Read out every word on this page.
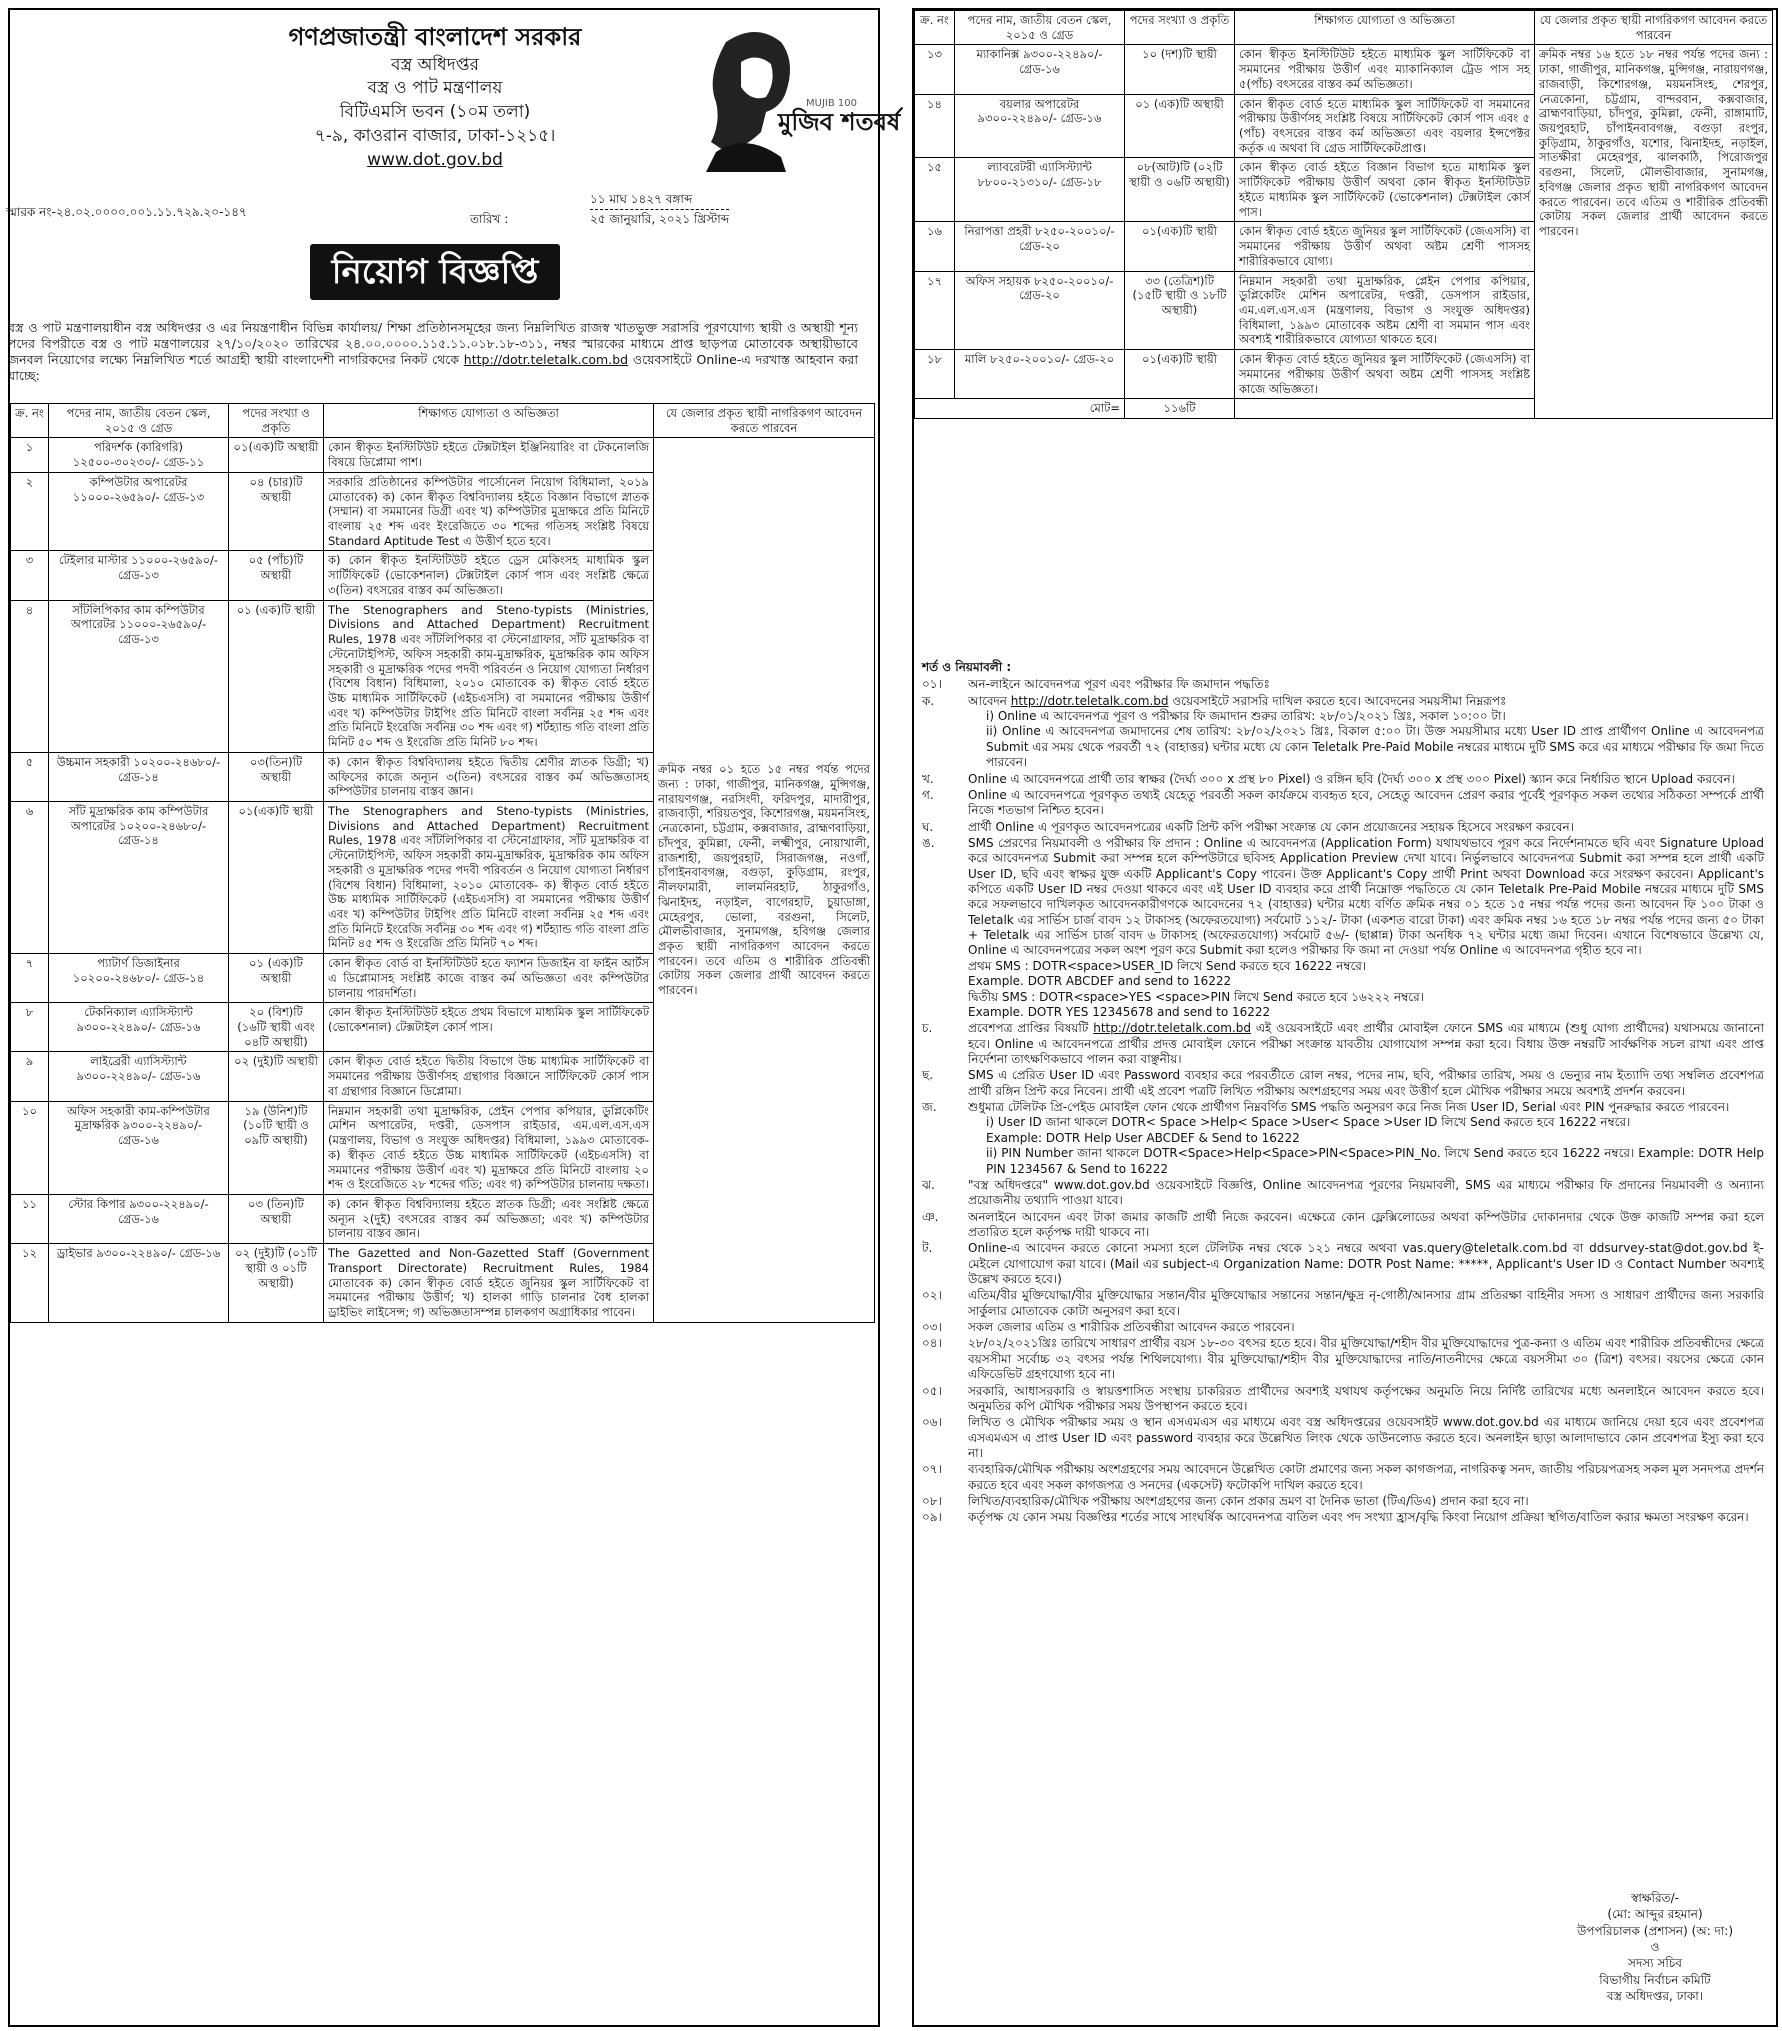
গণপ্রজাতন্ত্রী বাংলাদেশ সরকার
বস্ত্র অধিদপ্তর
বস্ত্র ও পাট মন্ত্রণালয়
বিটিএমসি ভবন (১০ম তলা)
৭-৯, কাওরান বাজার, ঢাকা-১২১৫।
www.dot.gov.bd
মুজিব শতবর্ষ
MUJIB 100
১১ মাঘ ১৪২৭ বঙ্গাব্দ
২৫ জানুয়ারি, ২০২১ খ্রিস্টাব্দ
স্মারক নং-২৪.০২.০০০০.০০১.১১.৭২৯.২০-১৪৭	তারিখ :
নিয়োগ বিজ্ঞপ্তি
বস্ত্র ও পাট মন্ত্রণালয়াধীন বস্ত্র অধিদপ্তর ও এর নিয়ন্ত্রণাধীন বিভিন্ন কার্যালয়/ শিক্ষা প্রতিষ্ঠানসমূহের জন্য নিম্নলিখিত রাজস্ব খাতভুক্ত সরাসরি পূরণযোগ্য স্থায়ী ও অস্থায়ী শূন্য পদের বিপরীতে বস্ত্র ও পাট মন্ত্রণালয়ের ২৭/১০/২০২০ তারিখের ২৪.০০.০০০০.১১৫.১১.০১৮.১৮-৩১১, নম্বর স্মারকের মাধ্যমে প্রাপ্ত ছাড়পত্র মোতাবেক অস্থায়ীভাবে জনবল নিয়োগের লক্ষ্যে নিম্নলিখিত শর্তে আগ্রহী স্থায়ী বাংলাদেশী নাগরিকদের নিকট থেকে http://dotr.teletalk.com.bd ওয়েবসাইটে Online-এ দরখাস্ত আহবান করা যাচ্ছে:
ক্র. নং	পদের নাম, জাতীয় বেতন স্কেল, ২০১৫ ও গ্রেড	পদের সংখ্যা ও প্রকৃতি	শিক্ষাগত যোগ্যতা ও অভিজ্ঞতা	যে জেলার প্রকৃত স্থায়ী নাগরিকগণ আবেদন করতে পারবেন
১	পরিদর্শক (কারিগরি) ১২৫০০-৩০২৩০/- গ্রেড-১১	০১(এক)টি অস্থায়ী	কোন স্বীকৃত ইনস্টিটিউট হইতে টেক্সটাইল ইঞ্জিনিয়ারিং বা টেকনোলজি বিষয়ে ডিপ্লোমা পাশ।	ক্রমিক নম্বর ০১ হতে ১৫ নম্বর পর্যন্ত পদের জন্য : ঢাকা, গাজীপুর, মানিকগঞ্জ, মুন্সিগঞ্জ, নারায়ণগঞ্জ, নরসিংদী, ফরিদপুর, মাদারীপুর, রাজবাড়ী, শরিয়তপুর, কিশোরগঞ্জ, ময়মনসিংহ, নেত্রকোনা, চট্টগ্রাম, কক্সবাজার, ব্রাহ্মণবাড়িয়া, চাঁদপুর, কুমিল্লা, ফেনী, লক্ষ্মীপুর, নোয়াখালী, রাজশাহী, জয়পুরহাট, সিরাজগঞ্জ, নওগাঁ, চাঁপাইনবাবগঞ্জ, বগুড়া, কুড়িগ্রাম, রংপুর, নীলফামারী, লালমনিরহাট, ঠাকুরগাঁও, ঝিনাইদহ, নড়াইল, বাগেরহাট, চুয়াডাঙ্গা, মেহেরপুর, ভোলা, বরগুনা, সিলেট, মৌলভীবাজার, সুনামগঞ্জ, হবিগঞ্জ জেলার প্রকৃত স্থায়ী নাগরিকগণ আবেদন করতে পারবেন। তবে এতিম ও শারীরিক প্রতিবন্ধী কোটায় সকল জেলার প্রার্থী আবেদন করতে পারবেন।
২	কম্পিউটার অপারেটর ১১০০০-২৬৫৯০/- গ্রেড-১৩	০৪ (চার)টি অস্থায়ী	সরকারি প্রতিষ্ঠানের কম্পিউটার পার্সোনেল নিয়োগ বিধিমালা, ২০১৯ মোতাবেক) ক) কোন স্বীকৃত বিশ্ববিদ্যালয় হইতে বিজ্ঞান বিভাগে স্নাতক (সম্মান) বা সমমানের ডিগ্রী এবং খ) কম্পিউটার মুদ্রাক্ষরে প্রতি মিনিটে বাংলায় ২৫ শব্দ এবং ইংরেজিতে ৩০ শব্দের গতিসহ সংশ্লিষ্ট বিষয়ে Standard Aptitude Test এ উত্তীর্ণ হতে হবে।	
৩	টেইলার মাস্টার ১১০০০-২৬৫৯০/- গ্রেড-১৩	০৫ (পাঁচ)টি অস্থায়ী	ক) কোন স্বীকৃত ইনস্টিটিউট হইতে ড্রেস মেকিংসহ মাধ্যমিক স্কুল সার্টিফিকেট (ভোকেশনাল) টেক্সটাইল কোর্স পাস এবং সংশ্লিষ্ট ক্ষেত্রে ৩(তিন) বৎসরের বাস্তব কর্ম অভিজ্ঞতা।	
৪	সাঁটলিপিকার কাম কম্পিউটার অপারেটর ১১০০০-২৬৫৯০/- গ্রেড-১৩	০১ (এক)টি স্থায়ী	The Stenographers and Steno-typists (Ministries, Divisions and Attached Department) Recruitment Rules, 1978 এবং সাঁটলিপিকার বা স্টেনোগ্রাফার, সাঁট মুদ্রাক্ষরিক বা স্টেনোটাইপিস্ট, অফিস সহকারী কাম-মুদ্রাক্ষরিক, মুদ্রাক্ষরিক কাম অফিস সহকারী ও মুদ্রাক্ষরিক পদের পদবী পরিবর্তন ও নিয়োগ যোগ্যতা নির্ধারণ (বিশেষ বিধান) বিধিমালা, ২০১০ মোতাবেক ক) স্বীকৃত বোর্ড হইতে উচ্চ মাধ্যমিক সার্টিফিকেট (এইচএসসি) বা সমমানের পরীক্ষায় উত্তীর্ণ এবং খ) কম্পিউটার টাইপিং প্রতি মিনিটে বাংলা সর্বনিম্ন ২৫ শব্দ এবং প্রতি মিনিটে ইংরেজি সর্বনিম্ন ৩০ শব্দ এবং গ) শর্টহ্যান্ড গতি বাংলা প্রতি মিনিট ৫০ শব্দ ও ইংরেজি প্রতি মিনিট ৮০ শব্দ।	
৫	উচ্চমান সহকারী ১০২০০-২৪৬৮০/- গ্রেড-১৪	০৩(তিন)টি অস্থায়ী	ক) কোন স্বীকৃত বিশ্ববিদ্যালয় হইতে দ্বিতীয় শ্রেণীর স্নাতক ডিগ্রী; খ) অফিসের কাজে অন্যূন ৩(তিন) বৎসরের বাস্তব কর্ম অভিজ্ঞতাসহ কম্পিউটার চালনায় বাস্তব জ্ঞান।	
৬	সাঁট মুদ্রাক্ষরিক কাম কম্পিউটার অপারেটর ১০২০০-২৪৬৮০/- গ্রেড-১৪	০১(এক)টি স্থায়ী	The Stenographers and Steno-typists (Ministries, Divisions and Attached Department) Recruitment Rules, 1978 এবং সাঁটলিপিকার বা স্টেনোগ্রাফার, সাঁট মুদ্রাক্ষরিক বা স্টেনোটাইপিস্ট, অফিস সহকারী কাম-মুদ্রাক্ষরিক, মুদ্রাক্ষরিক কাম অফিস সহকারী ও মুদ্রাক্ষরিক পদের পদবী পরিবর্তন ও নিয়োগ যোগ্যতা নির্ধারণ (বিশেষ বিধান) বিধিমালা, ২০১০ মোতাবেক- ক) স্বীকৃত বোর্ড হইতে উচ্চ মাধ্যমিক সার্টিফিকেট (এইচএসসি) বা সমমানের পরীক্ষায় উত্তীর্ণ এবং খ) কম্পিউটার টাইপিং প্রতি মিনিটে বাংলা সর্বনিম্ন ২৫ শব্দ এবং প্রতি মিনিটে ইংরেজি সর্বনিম্ন ৩০ শব্দ এবং গ) শর্টহ্যান্ড গতি বাংলা প্রতি মিনিট ৪৫ শব্দ ও ইংরেজি প্রতি মিনিট ৭০ শব্দ।	
৭	প্যাটার্ণ ডিজাইনার ১০২০০-২৪৬৮০/- গ্রেড-১৪	০১ (এক)টি অস্থায়ী	কোন স্বীকৃত বোর্ড বা ইনস্টিটিউট হতে ফ্যাশন ডিজাইন বা ফাইন আর্টস এ ডিপ্লোমাসহ সংশ্লিষ্ট কাজে বাস্তব কর্ম অভিজ্ঞতা এবং কম্পিউটার চালনায় পারদর্শিতা।	
৮	টেকনিক্যাল এ্যাসিস্ট্যান্ট ৯৩০০-২২৪৯০/- গ্রেড-১৬	২০ (বিশ)টি (১৬টি স্থায়ী এবং ০৪টি অস্থায়ী)	কোন স্বীকৃত ইনস্টিটিউট হইতে প্রথম বিভাগে মাধ্যমিক স্কুল সার্টিফিকেট (ভোকেশনাল) টেক্সটাইল কোর্স পাস।	
৯	লাইব্রেরী এ্যাসিস্ট্যান্ট ৯৩০০-২২৪৯০/- গ্রেড-১৬	০২ (দুই)টি অস্থায়ী	কোন স্বীকৃত বোর্ড হইতে দ্বিতীয় বিভাগে উচ্চ মাধ্যমিক সার্টিফিকেট বা সমমানের পরীক্ষায় উত্তীর্ণসহ গ্রন্থাগার বিজ্ঞানে সার্টিফিকেট কোর্স পাস বা গ্রন্থাগার বিজ্ঞানে ডিপ্লোমা।	
১০	অফিস সহকারী কাম-কম্পিউটার মুদ্রাক্ষরিক ৯৩০০-২২৪৯০/- গ্রেড-১৬	১৯ (উনিশ)টি (১০টি স্থায়ী ও ০৯টি অস্থায়ী)	নিম্নমান সহকারী তথা মুদ্রাক্ষরিক, প্রেইন পেপার কপিয়ার, ডুপ্লিকেটিং মেশিন অপারেটর, দপ্তরী, ডেসপাস রাইডার, এম.এল.এস.এস (মন্ত্রণালয়, বিভাগ ও সংযুক্ত অধিদপ্তর) বিধিমালা, ১৯৯৩ মোতাবেক- ক) স্বীকৃত বোর্ড হইতে উচ্চ মাধ্যমিক সার্টিফিকেট (এইচএসসি) বা সমমানের পরীক্ষায় উত্তীর্ণ এবং খ) মুদ্রাক্ষরে প্রতি মিনিটে বাংলায় ২০ শব্দ ও ইংরেজিতে ২৮ শব্দের গতি; এবং গ) কম্পিউটার চালনায় দক্ষতা।	
১১	স্টোর কিপার ৯৩০০-২২৪৯০/- গ্রেড-১৬	০৩ (তিন)টি অস্থায়ী	ক) কোন স্বীকৃত বিশ্ববিদ্যালয় হইতে স্নাতক ডিগ্রী; এবং সংশ্লিষ্ট ক্ষেত্রে অন্যূন ২(দুই) বৎসরের বাস্তব কর্ম অভিজ্ঞতা; এবং খ) কম্পিউটার চালনায় বাস্তব জ্ঞান।	
১২	ড্রাইভার ৯৩০০-২২৪৯০/- গ্রেড-১৬	০২ (দুই)টি (০১টি স্থায়ী ও ০১টি অস্থায়ী)	The Gazetted and Non-Gazetted Staff (Government Transport Directorate) Recruitment Rules, 1984 মোতাবেক ক) কোন স্বীকৃত বোর্ড হইতে জুনিয়র স্কুল সার্টিফিকেট বা সমমানের পরীক্ষায় উত্তীর্ণ; খ) হালকা গাড়ি চালনার বৈধ হালকা ড্রাইভিং লাইসেন্স; গ) অভিজ্ঞতাসম্পন্ন চালকগণ অগ্রাধিকার পাবেন।	
ক্র. নং	পদের নাম, জাতীয় বেতন স্কেল, ২০১৫ ও গ্রেড	পদের সংখ্যা ও প্রকৃতি	শিক্ষাগত যোগ্যতা ও অভিজ্ঞতা	যে জেলার প্রকৃত স্থায়ী নাগরিকগণ আবেদন করতে পারবেন
১৩	ম্যাকানিক্স ৯৩০০-২২৪৯০/- গ্রেড-১৬	১০ (দশ)টি স্থায়ী	কোন স্বীকৃত ইনস্টিটিউট হইতে মাধ্যমিক স্কুল সার্টিফিকেট বা সমমানের পরীক্ষায় উত্তীর্ণ এবং ম্যাকানিক্যাল ট্রেড পাস সহ ৫(পাঁচ) বৎসরের বাস্তব কর্ম অভিজ্ঞতা।	ক্রমিক নম্বর ১৬ হতে ১৮ নম্বর পর্যন্ত পদের জন্য : ঢাকা, গাজীপুর, মানিকগঞ্জ, মুন্সিগঞ্জ, নারায়ণগঞ্জ, রাজবাড়ী, কিশোরগঞ্জ, ময়মনসিংহ, শেরপুর, নেত্রকোনা, চট্টগ্রাম, বান্দরবান, কক্সবাজার, ব্রাহ্মণবাড়িয়া, চাঁদপুর, কুমিল্লা, ফেনী, রাঙ্গামাটি, জয়পুরহাট, চাঁপাইনবাবগঞ্জ, বগুড়া রংপুর, কুড়িগ্রাম, ঠাকুরগাঁও, যশোর, ঝিনাইদহ, নড়াইল, সাতক্ষীরা মেহেরপুর, ঝালকাঠি, পিরোজপুর বরগুনা, সিলেট, মৌলভীবাজার, সুনামগঞ্জ, হবিগঞ্জ জেলার প্রকৃত স্থায়ী নাগরিকগণ আবেদন করতে পারবেন। তবে এতিম ও শারীরিক প্রতিবন্ধী কোটায় সকল জেলার প্রার্থী আবেদন করতে পারবেন।
১৪	বয়লার অপারেটর ৯৩০০-২২৪৯০/- গ্রেড-১৬	০১ (এক)টি অস্থায়ী	কোন স্বীকৃত বোর্ড হতে মাধ্যমিক স্কুল সার্টিফিকেট বা সমমানের পরীক্ষায় উত্তীর্ণসহ সংশ্লিষ্ট বিষয়ে সার্টিফিকেট কোর্স পাস এবং ৫ (পাঁচ) বৎসরের বাস্তব কর্ম অভিজ্ঞতা এবং বয়লার ইন্সপেক্টর কর্তৃক এ অথবা বি গ্রেড সার্টিফিকেটপ্রাপ্ত।	
১৫	ল্যাবরেটরী এ্যাসিস্ট্যান্ট ৮৮০০-২১৩১০/- গ্রেড-১৮	০৮(আট)টি (০২টি স্থায়ী ও ০৬টি অস্থায়ী)	কোন স্বীকৃত বোর্ড হইতে বিজ্ঞান বিভাগ হতে মাধ্যমিক স্কুল সার্টিফিকেট পরীক্ষায় উত্তীর্ণ অথবা কোন স্বীকৃত ইনস্টিটিউট হইতে মাধ্যমিক স্কুল সার্টিফিকেট (ভোকেশনাল) টেক্সটাইল কোর্স পাস।	
১৬	নিরাপত্তা প্রহরী ৮২৫০-২০০১০/- গ্রেড-২০	০১(এক)টি স্থায়ী	কোন স্বীকৃত বোর্ড হইতে জুনিয়র স্কুল সার্টিফিকেট (জেএসসি) বা সমমানের পরীক্ষায় উত্তীর্ণ অথবা অষ্টম শ্রেণী পাসসহ শারীরিকভাবে যোগ্য।	
১৭	অফিস সহায়ক ৮২৫০-২০০১০/- গ্রেড-২০	৩৩ (তেত্রিশ)টি (১৫টি স্থায়ী ও ১৮টি অস্থায়ী)	নিম্নমান সহকারী তথা মুদ্রাক্ষরিক, প্লেইন পেপার কপিয়ার, ডুপ্লিকেটিং মেশিন অপারেটর, দপ্তরী, ডেসপাস রাইডার, এম.এল.এস.এস (মন্ত্রণালয়, বিভাগ ও সংযুক্ত অধিদপ্তর) বিধিমালা, ১৯৯৩ মোতাবেক অষ্টম শ্রেণী বা সমমান পাস এবং অবশ্যই শারীরিকভাবে যোগ্যতা থাকতে হবে।	
১৮	মালি ৮২৫০-২০০১০/- গ্রেড-২০	০১(এক)টি স্থায়ী	কোন স্বীকৃত বোর্ড হইতে জুনিয়র স্কুল সার্টিফিকেট (জেএসসি) বা সমমানের পরীক্ষায় উত্তীর্ণ অথবা অষ্টম শ্রেণী পাসসহ সংশ্লিষ্ট কাজে অভিজ্ঞতা।	
মোট=		১১৬টি		
শর্ত ও নিয়মাবলী :
০১।	অন-লাইনে আবেদনপত্র পূরণ এবং পরীক্ষার ফি জমাদান পদ্ধতিঃ
ক.	আবেদন http://dotr.teletalk.com.bd ওয়েবসাইটে সরাসরি দাখিল করতে হবে। আবেদনের সময়সীমা নিম্নরূপঃ
i) Online এ আবেদনপত্র পূরণ ও পরীক্ষার ফি জমাদান শুরুর তারিখ: ২৮/০১/২০২১ খ্রিঃ, সকাল ১০:০০ টা।
ii) Online এ আবেদনপত্র জমাদানের শেষ তারিখ: ২৮/০২/২০২১ খ্রিঃ, বিকাল ৫:০০ টা। উক্ত সময়সীমার মধ্যে User ID প্রাপ্ত প্রার্থীগণ Online এ আবেদনপত্র Submit এর সময় থেকে পরবর্তী ৭২ (বাহাত্তর) ঘন্টার মধ্যে যে কোন Teletalk Pre-Paid Mobile নম্বরের মাধ্যমে দুটি SMS করে এর মাধ্যমে পরীক্ষার ফি জমা দিতে পারবেন।
খ.	Online এ আবেদনপত্রে প্রার্থী তার স্বাক্ষর (দৈর্ঘ্য ৩০০ x প্রস্থ ৮০ Pixel) ও রঙ্গিন ছবি (দৈর্ঘ্য ৩০০ x প্রস্থ ৩০০ Pixel) স্ক্যান করে নির্ধারিত স্থানে Upload করবেন।
গ.	Online এ আবেদনপত্রে পূরণকৃত তথ্যই যেহেতু পরবর্তী সকল কার্যক্রমে ব্যবহৃত হবে, সেহেতু আবেদন প্রেরণ করার পূর্বেই পূরণকৃত সকল তথ্যের সঠিকতা সম্পর্কে প্রার্থী নিজে শতভাগ নিশ্চিত হবেন।
ঘ.	প্রার্থী Online এ পূরণকৃত আবেদনপত্রের একটি প্রিন্ট কপি পরীক্ষা সংক্রান্ত যে কোন প্রয়োজনের সহায়ক হিসেবে সংরক্ষণ করবেন।
ঙ.	SMS প্রেরণের নিয়মাবলী ও পরীক্ষার ফি প্রদান : Online এ আবেদনপত্র (Application Form) যথাযথভাবে পূরণ করে নির্দেশনামতে ছবি এবং Signature Upload করে আবেদনপত্র Submit করা সম্পন্ন হলে কম্পিউটারে ছবিসহ Application Preview দেখা যাবে। নির্ভুলভাবে আবেদনপত্র Submit করা সম্পন্ন হলে প্রার্থী একটি User ID, ছবি এবং স্বাক্ষর যুক্ত একটি Applicant's Copy পাবেন। উক্ত Applicant's Copy প্রার্থী Print অথবা Download করে সংরক্ষণ করবেন। Applicant's কপিতে একটি User ID নম্বর দেওয়া থাকবে এবং এই User ID ব্যবহার করে প্রার্থী নিম্নোক্ত পদ্ধতিতে যে কোন Teletalk Pre-Paid Mobile নম্বরের মাধ্যমে দুটি SMS করে সফলভাবে দাখিলকৃত আবেদনকারীগণকে আবেদনের ৭২ (বাহাত্তর) ঘন্টার মধ্যে বর্ণিত ক্রমিক নম্বর ০১ হতে ১৫ নম্বর পর্যন্ত পদের জন্য আবেদন ফি ১০০ টাকা ও Teletalk এর সার্ভিস চার্জ বাবদ ১২ টাকাসহ (অফেরতযোগ্য) সর্বমোট ১১২/- টাকা (একশত বারো টাকা) এবং ক্রমিক নম্বর ১৬ হতে ১৮ নম্বর পর্যন্ত পদের জন্য ৫০ টাকা + Teletalk এর সার্ভিস চার্জ বাবদ ৬ টাকাসহ (অফেরতযোগ্য) সর্বমোট ৫৬/- (ছাপ্পান্ন) টাকা অনধিক ৭২ ঘন্টার মধ্যে জমা দিবেন। এখানে বিশেষভাবে উল্লেখ্য যে, Online এ আবেদনপত্রের সকল অংশ পূরণ করে Submit করা হলেও পরীক্ষার ফি জমা না দেওয়া পর্যন্ত Online এ আবেদনপত্র গৃহীত হবে না।
প্রথম SMS : DOTR<space>USER_ID লিখে Send করতে হবে 16222 নম্বরে।
Example. DOTR ABCDEF and send to 16222
দ্বিতীয় SMS : DOTR<space>YES <space>PIN লিখে Send করতে হবে ১৬২২২ নম্বরে।
Example. DOTR YES 12345678 and send to 16222
চ.	প্রবেশপত্র প্রাপ্তির বিষয়টি http://dotr.teletalk.com.bd এই ওয়েবসাইটে এবং প্রার্থীর মোবাইল ফোনে SMS এর মাধ্যমে (শুধু যোগ্য প্রার্থীদের) যথাসময়ে জানানো হবে। Online এ আবেদনপত্রে প্রার্থীর প্রদত্ত মোবাইল ফোনে পরীক্ষা সংক্রান্ত যাবতীয় যোগাযোগ সম্পন্ন করা হবে। বিধায় উক্ত নম্বরটি সার্বক্ষণিক সচল রাখা এবং প্রাপ্ত নির্দেশনা তাৎক্ষণিকভাবে পালন করা বাঞ্ছনীয়।
ছ.	SMS এ প্রেরিত User ID এবং Password ব্যবহার করে পরবর্তীতে রোল নম্বর, পদের নাম, ছবি, পরীক্ষার তারিখ, সময় ও ভেন্যুর নাম ইত্যাদি তথ্য সম্বলিত প্রবেশপত্র প্রার্থী রঙ্গিন প্রিন্ট করে নিবেন। প্রার্থী এই প্রবেশ পত্রটি লিখিত পরীক্ষায় অংশগ্রহণের সময় এবং উত্তীর্ণ হলে মৌখিক পরীক্ষার সময়ে অবশ্যই প্রদর্শন করবেন।
জ.	শুধুমাত্র টেলিটক প্রি-পেইড মোবাইল ফোন থেকে প্রার্থীগণ নিম্নবর্ণিত SMS পদ্ধতি অনুসরণ করে নিজ নিজ User ID, Serial এবং PIN পুনরুদ্ধার করতে পারবেন।
i) User ID জানা থাকলে DOTR< Space >Help< Space >User< Space >User ID লিখে Send করতে হবে 16222 নম্বরে।
Example: DOTR Help User ABCDEF & Send to 16222
ii) PIN Number জানা থাকলে DOTR<Space>Help<Space>PIN<Space>PIN_No. লিখে Send করতে হবে 16222 নম্বরে। Example: DOTR Help PIN 1234567 & Send to 16222
ঝ.	"বস্ত্র অধিদপ্তরে" www.dot.gov.bd ওয়েবসাইটে বিজ্ঞপ্তি, Online আবেদনপত্র পূরণের নিয়মাবলী, SMS এর মাধ্যমে পরীক্ষার ফি প্রদানের নিয়মাবলী ও অন্যান্য প্রয়োজনীয় তথ্যাদি পাওয়া যাবে।
ঞ.	অনলাইনে আবেদন এবং টাকা জমার কাজটি প্রার্থী নিজে করবেন। এক্ষেত্রে কোন ফ্লেক্সিলোডের অথবা কম্পিউটার দোকানদার থেকে উক্ত কাজটি সম্পন্ন করা হলে প্রতারিত হলে কর্তৃপক্ষ দায়ী থাকবে না।
ট.	Online-এ আবেদন করতে কোনো সমস্যা হলে টেলিটক নম্বর থেকে ১২১ নম্বরে অথবা vas.query@teletalk.com.bd বা ddsurvey-stat@dot.gov.bd ই-মেইলে যোগাযোগ করা যাবে। (Mail এর subject-এ Organization Name: DOTR Post Name: *****, Applicant's User ID ও Contact Number অবশ্যই উল্লেখ করতে হবে।)
০২।	এতিম/বীর মুক্তিযোদ্ধা/বীর মুক্তিযোদ্ধার সন্তান/বীর মুক্তিযোদ্ধার সন্তানের সন্তান/ক্ষুদ্র নৃ-গোষ্ঠী/আনসার গ্রাম প্রতিরক্ষা বাহিনীর সদস্য ও সাধারণ প্রার্থীদের জন্য সরকারি সার্কুলার মোতাবেক কোটা অনুসরণ করা হবে।
০৩।	সকল জেলার এতিম ও শারীরিক প্রতিবন্ধীরা আবেদন করতে পারবেন।
০৪।	২৮/০২/২০২১খ্রিঃ তারিখে সাধারণ প্রার্থীর বয়স ১৮-৩০ বৎসর হতে হবে। বীর মুক্তিযোদ্ধা/শহীদ বীর মুক্তিযোদ্ধাদের পুত্র-কন্যা ও এতিম এবং শারীরিক প্রতিবন্ধীদের ক্ষেত্রে বয়সসীমা সর্বোচ্চ ৩২ বৎসর পর্যন্ত শিথিলযোগ্য। বীর মুক্তিযোদ্ধা/শহীদ বীর মুক্তিযোদ্ধাদের নাতি/নাতনীদের ক্ষেত্রে বয়সসীমা ৩০ (ত্রিশ) বৎসর। বয়সের ক্ষেত্রে কোন এফিডেভিট গ্রহণযোগ্য হবে না।
০৫।	সরকারি, আধাসরকারি ও স্বায়ত্তশাসিত সংস্থায় চাকরিরত প্রার্থীদের অবশ্যই যথাযথ কর্তৃপক্ষের অনুমতি নিয়ে নির্দিষ্ট তারিখের মধ্যে অনলাইনে আবেদন করতে হবে। অনুমতির কপি মৌখিক পরীক্ষার সময় উপস্থাপন করতে হবে।
০৬।	লিখিত ও মৌখিক পরীক্ষার সময় ও স্থান এসএমএস এর মাধ্যমে এবং বস্ত্র অধিদপ্তরের ওয়েবসাইট www.dot.gov.bd এর মাধ্যমে জানিয়ে দেয়া হবে এবং প্রবেশপত্র এসএমএস এ প্রাপ্ত User ID এবং password ব্যবহার করে উল্লেখিত লিংক থেকে ডাউনলোড করতে হবে। অনলাইন ছাড়া আলাদাভাবে কোন প্রবেশপত্র ইস্যু করা হবে না।
০৭।	ব্যবহারিক/মৌখিক পরীক্ষায় অংশগ্রহণের সময় আবেদনে উল্লেখিত কোটা প্রমাণের জন্য সকল কাগজপত্র, নাগরিকত্ব সনদ, জাতীয় পরিচয়পত্রসহ সকল মূল সনদপত্র প্রদর্শন করতে হবে এবং সকল কাগজপত্র ও সনদের (একসেট) ফটোকপি দাখিল করতে হবে।
০৮।	লিখিত/ব্যবহারিক/মৌখিক পরীক্ষায় অংশগ্রহণের জন্য কোন প্রকার ভ্রমণ বা দৈনিক ভাতা (টিএ/ডিএ) প্রদান করা হবে না।
০৯।	কর্তৃপক্ষ যে কোন সময় বিজ্ঞপ্তির শর্তের সাথে সাংঘর্ষিক আবেদনপত্র বাতিল এবং পদ সংখ্যা হ্রাস/বৃদ্ধি কিংবা নিয়োগ প্রক্রিয়া স্থগিত/বাতিল করার ক্ষমতা সংরক্ষণ করেন।
স্বাক্ষরিত/-
(মো: আব্দুর রহমান)
উপপরিচালক (প্রশাসন) (অ: দা:)
ও
সদস্য সচিব
বিভাগীয় নির্বাচন কমিটি
বস্ত্র অধিদপ্তর, ঢাকা।
